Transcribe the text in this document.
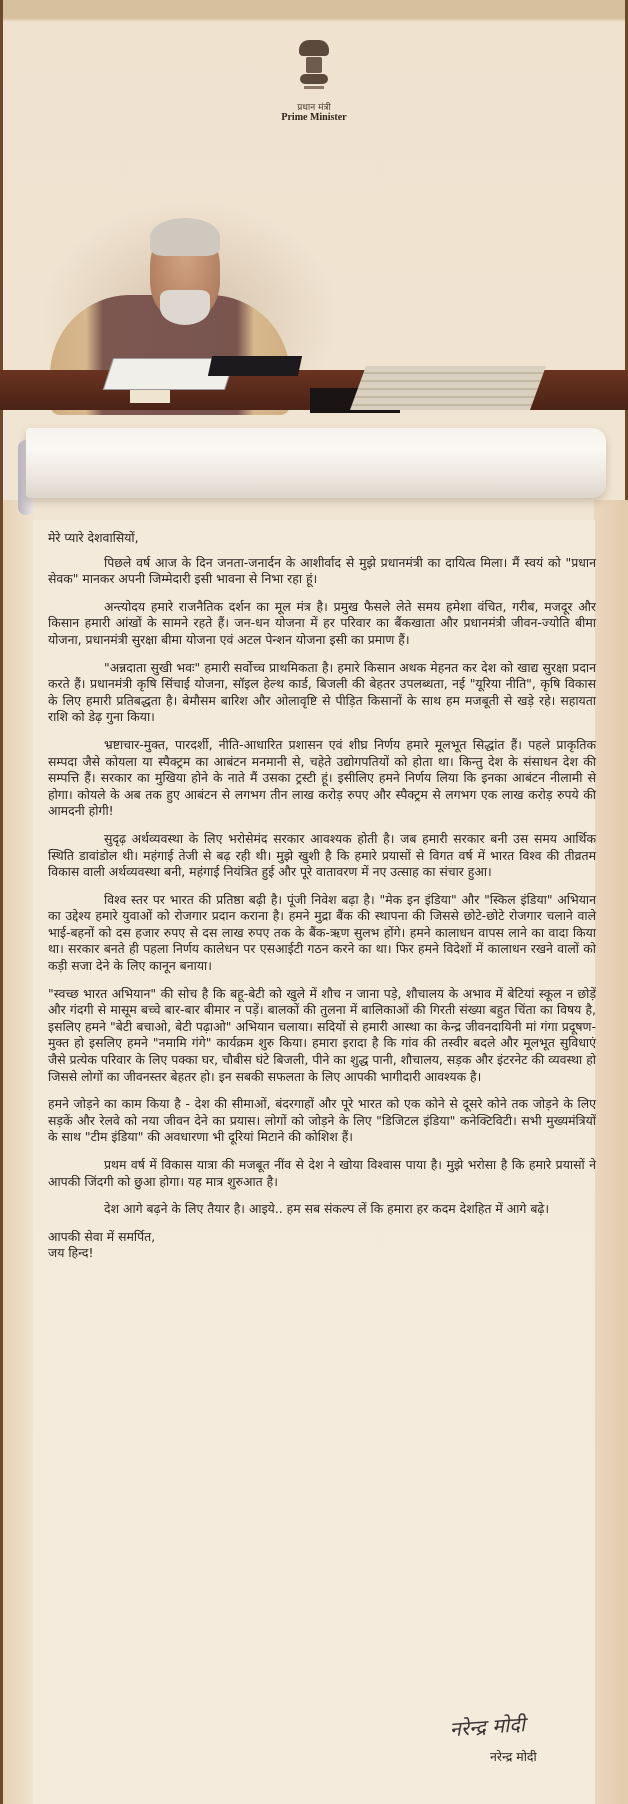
प्रधान मंत्री
Prime Minister

मेरे प्यारे देशवासियों,

पिछले वर्ष आज के दिन जनता-जनार्दन के आशीर्वाद से मुझे प्रधानमंत्री का दायित्व मिला। मैं स्वयं को "प्रधान सेवक" मानकर अपनी जिम्मेदारी इसी भावना से निभा रहा हूं।

अन्त्योदय हमारे राजनैतिक दर्शन का मूल मंत्र है। प्रमुख फैसले लेते समय हमेशा वंचित, गरीब, मजदूर और किसान हमारी आंखों के सामने रहते हैं। जन-धन योजना में हर परिवार का बैंकखाता और प्रधानमंत्री जीवन-ज्योति बीमा योजना, प्रधानमंत्री सुरक्षा बीमा योजना एवं अटल पेन्शन योजना इसी का प्रमाण हैं।

"अन्नदाता सुखी भवः" हमारी सर्वोच्च प्राथमिकता है। हमारे किसान अथक मेहनत कर देश को खाद्य सुरक्षा प्रदान करते हैं। प्रधानमंत्री कृषि सिंचाई योजना, सॉइल हेल्थ कार्ड, बिजली की बेहतर उपलब्धता, नई "यूरिया नीति", कृषि विकास के लिए हमारी प्रतिबद्धता है। बेमौसम बारिश और ओलावृष्टि से पीड़ित किसानों के साथ हम मजबूती से खड़े रहे। सहायता राशि को डेढ़ गुना किया।

भ्रष्टाचार-मुक्त, पारदर्शी, नीति-आधारित प्रशासन एवं शीघ्र निर्णय हमारे मूलभूत सिद्धांत हैं। पहले प्राकृतिक सम्पदा जैसे कोयला या स्पैक्ट्रम का आबंटन मनमानी से, चहेते उद्योगपतियों को होता था। किन्तु देश के संसाधन देश की सम्पत्ति हैं। सरकार का मुखिया होने के नाते मैं उसका ट्रस्टी हूं। इसीलिए हमने निर्णय लिया कि इनका आबंटन नीलामी से होगा। कोयले के अब तक हुए आबंटन से लगभग तीन लाख करोड़ रुपए और स्पैक्ट्रम से लगभग एक लाख करोड़ रुपये की आमदनी होगी!

सुदृढ़ अर्थव्यवस्था के लिए भरोसेमंद सरकार आवश्यक होती है। जब हमारी सरकार बनी उस समय आर्थिक स्थिति डावांडोल थी। महंगाई तेजी से बढ़ रही थी। मुझे खुशी है कि हमारे प्रयासों से विगत वर्ष में भारत विश्व की तीव्रतम विकास वाली अर्थव्यवस्था बनी, महंगाई नियंत्रित हुई और पूरे वातावरण में नए उत्साह का संचार हुआ।

विश्व स्तर पर भारत की प्रतिष्ठा बढ़ी है। पूंजी निवेश बढ़ा है। "मेक इन इंडिया" और "स्किल इंडिया" अभियान का उद्देश्य हमारे युवाओं को रोजगार प्रदान कराना है। हमने मुद्रा बैंक की स्थापना की जिससे छोटे-छोटे रोजगार चलाने वाले भाई-बहनों को दस हजार रुपए से दस लाख रुपए तक के बैंक-ऋण सुलभ होंगे। हमने कालाधन वापस लाने का वादा किया था। सरकार बनते ही पहला निर्णय कालेधन पर एसआईटी गठन करने का था। फिर हमने विदेशों में कालाधन रखने वालों को कड़ी सजा देने के लिए कानून बनाया।

"स्वच्छ भारत अभियान" की सोच है कि बहू-बेटी को खुले में शौच न जाना पड़े, शौचालय के अभाव में बेटियां स्कूल न छोड़ें और गंदगी से मासूम बच्चे बार-बार बीमार न पड़ें। बालकों की तुलना में बालिकाओं की गिरती संख्या बहुत चिंता का विषय है, इसलिए हमने "बेटी बचाओ, बेटी पढ़ाओ" अभियान चलाया। सदियों से हमारी आस्था का केन्द्र जीवनदायिनी मां गंगा प्रदूषण-मुक्त हो इसलिए हमने "नमामि गंगे" कार्यक्रम शुरु किया। हमारा इरादा है कि गांव की तस्वीर बदले और मूलभूत सुविधाएं जैसे प्रत्येक परिवार के लिए पक्का घर, चौबीस घंटे बिजली, पीने का शुद्ध पानी, शौचालय, सड़क और इंटरनेट की व्यवस्था हो जिससे लोगों का जीवनस्तर बेहतर हो। इन सबकी सफलता के लिए आपकी भागीदारी आवश्यक है।

हमने जोड़ने का काम किया है - देश की सीमाओं, बंदरगाहों और पूरे भारत को एक कोने से दूसरे कोने तक जोड़ने के लिए सड़कें और रेलवे को नया जीवन देने का प्रयास। लोगों को जोड़ने के लिए "डिजिटल इंडिया" कनेक्टिविटी। सभी मुख्यमंत्रियों के साथ "टीम इंडिया" की अवधारणा भी दूरियां मिटाने की कोशिश हैं।

प्रथम वर्ष में विकास यात्रा की मजबूत नींव से देश ने खोया विश्वास पाया है। मुझे भरोसा है कि हमारे प्रयासों ने आपकी जिंदगी को छुआ होगा। यह मात्र शुरुआत है।

देश आगे बढ़ने के लिए तैयार है। आइये.. हम सब संकल्प लें कि हमारा हर कदम देशहित में आगे बढ़े।

आपकी सेवा में समर्पित,
जय हिन्द!
नरेन्द्र मोदी
नरेन्द्र मोदी
